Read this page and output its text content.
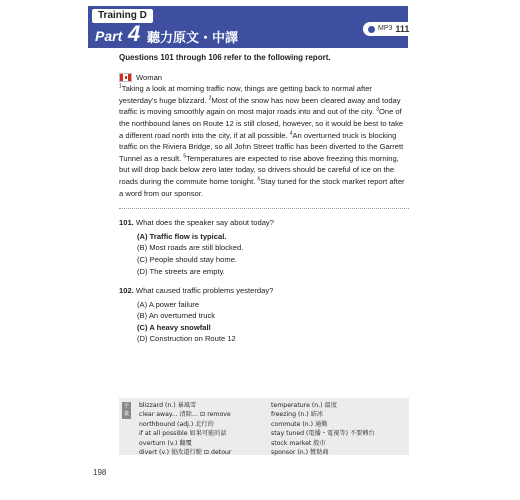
Training D
Part 4 聽力原文・中譯
MP3 111
Questions 101 through 106 refer to the following report.
Woman
$^1$Taking a look at morning traffic now, things are getting back to normal after yesterday's huge blizzard. $^2$Most of the snow has now been cleared away and today traffic is moving smoothly again on most major roads into and out of the city. $^3$One of the northbound lanes on Route 12 is still closed, however, so it would be best to take a different road north into the city, if at all possible. $^4$An overturned truck is blocking traffic on the Riviera Bridge, so all John Street traffic has been diverted to the Garrett Tunnel as a result. $^5$Temperatures are expected to rise above freezing this morning, but will drop back below zero later today, so drivers should be careful of ice on the roads during the commute home tonight. $^6$Stay tuned for the stock market report after a word from our sponsor.
101. What does the speaker say about today?
(A) Traffic flow is typical.
(B) Most roads are still blocked.
(C) People should stay home.
(D) The streets are empty.
102. What caused traffic problems yesterday?
(A) A power failure
(B) An overturned truck
(C) A heavy snowfall
(D) Construction on Route 12
字彙
blizzard (n.) 暴風雪
clear away... 清除… ⊡ remove
northbound (adj.) 北行的
if at all possible 如果可能的話
overturn (v.) 翻覆
divert (v.) 使改道行駛 ⊡ detour
temperature (n.) 溫度
freezing (n.) 結冰
commute (n.) 通勤
stay tuned (電播・電視等) 不要轉台
stock market 股市
sponsor (n.) 贊助商
198
